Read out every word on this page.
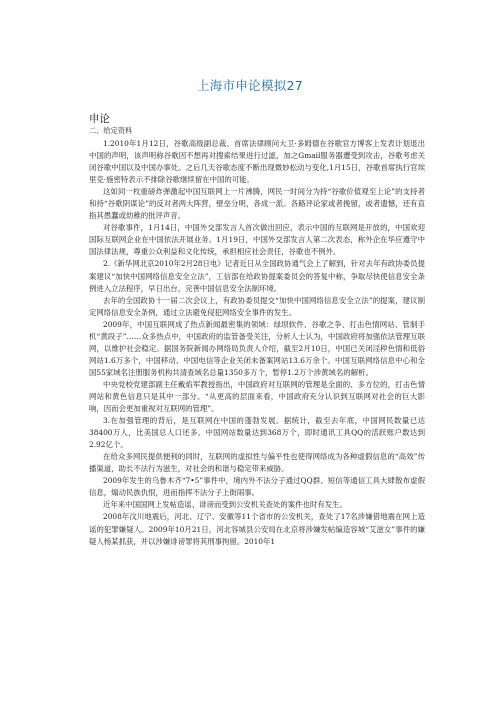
上海市申论模拟27
申论
二、给定资料

1.2010年1月12日，谷歌高级副总裁、首席法律顾问大卫·多姆德在谷歌官方博客上发表计划退出中国的声明，该声明称谷歌因不想再对搜索结果进行过滤，加之Gmail服务器遭受到攻击，谷歌考虑关闭谷歌中国以及中国办事处。之后几天谷歌态度不断出现微妙松动与变化,1月15日，谷歌首席执行官埃里克·施密特表示不排除谷歌继续留在中国的可能。

这如同一枚重磅炸弹激起中国互联网上一片沸腾，网民一时间分为持“谷歌价值观至上论”的支持者和持“谷歌阴谋论”的反对者两大阵营，壁垒分明，各成一派。各路评论家或者挽留，或者遗憾，还有直指其愚蠢或幼稚的批评声音。

对谷歌事件，1月14日，中国外交部发言人首次做出回应，表示中国的互联网是开放的，中国欢迎国际互联网企业在中国依法开展业务。1月19日，中国外交部发言人第二次表态，称外企在华应遵守中国法律法规，尊重公众利益和文化传统，承担相应社会责任，谷歌也不例外。

2.《新华网北京2010年2月28日电》记者近日从全国政协通气会上了解到，针对去年有政协委员提案建议“加快中国网络信息安全立法”，工信部在给政协提案委员会的答复中称，争取尽快使信息安全条例进入立法程序，早日出台，完善中国信息安全法制环境。

去年的全国政协十一届二次会议上，有政协委员提交“加快中国网络信息安全立法”的提案，建议制定网络信息安全条例，通过立法避免侵犯网络安全事件的发生。

2009年，中国互联网成了热点新闻最密集的领域：绿坝软件、谷歌之争、打击色情网站、管制手机“黄段子”……众多热点中，中国政府的监管备受关注，分析人士认为，中国政府将加强依法管理互联网，以维护社会稳定。据国务院新闻办网络局负责人介绍，截至2月10日，中国已关闭淫秽色情和低俗网站1.6万多个，中国移动、中国电信等企业关闭未备案网站13.6万余个。中国互联网络信息中心和全国55家域名注册服务机构共清查域名总量1350多万个，暂停1.2万个涉黄域名的解析。

中央党校党建部副主任戴焰军教授指出，中国政府对互联网的管理是全面的、多方位的，打击色情网站和黄色信息只是其中一部分。“从更高的层面来看，中国政府充分认识到互联网对社会的巨大影响，因而会更加重视对互联网的管理”。

3.在加强管理的背后，是互联网在中国的蓬勃发展。据统计，截至去年底，中国网民数量已达38400万人，比美国总人口还多。中国网站数量达到368万个，即时通讯工具QQ的活跃账户数达到2.92亿个。

在给众多网民提供便利的同时，互联网的虚拟性与偏平性也使得网络成为各种虚假信息的“高效”传播渠道，助长不法行为滋生，对社会的和谐与稳定带来威胁。

2009年发生的乌鲁木齐“7•5”事件中，境内外不法分子通过QQ群、短信等通信工具大肆散布虚假信息，煽动民族仇恨，进而指挥不法分子上街闹事。

近年来中国国网上发帖造谣、诽谤而受到公安机关查处的案件也时有发生。

2008年汶川地震后，河北、辽宁、安徽等11个省市的公安机关，查处了17名涉嫌借地震在网上造谣的犯罪嫌疑人。2009年10月21日，河北容城县公安局在北京将涉嫌发帖编造容城“艾滋女”事件的嫌疑人杨某抓获，并以涉嫌诽谤罪将其刑事拘留。2010年1
